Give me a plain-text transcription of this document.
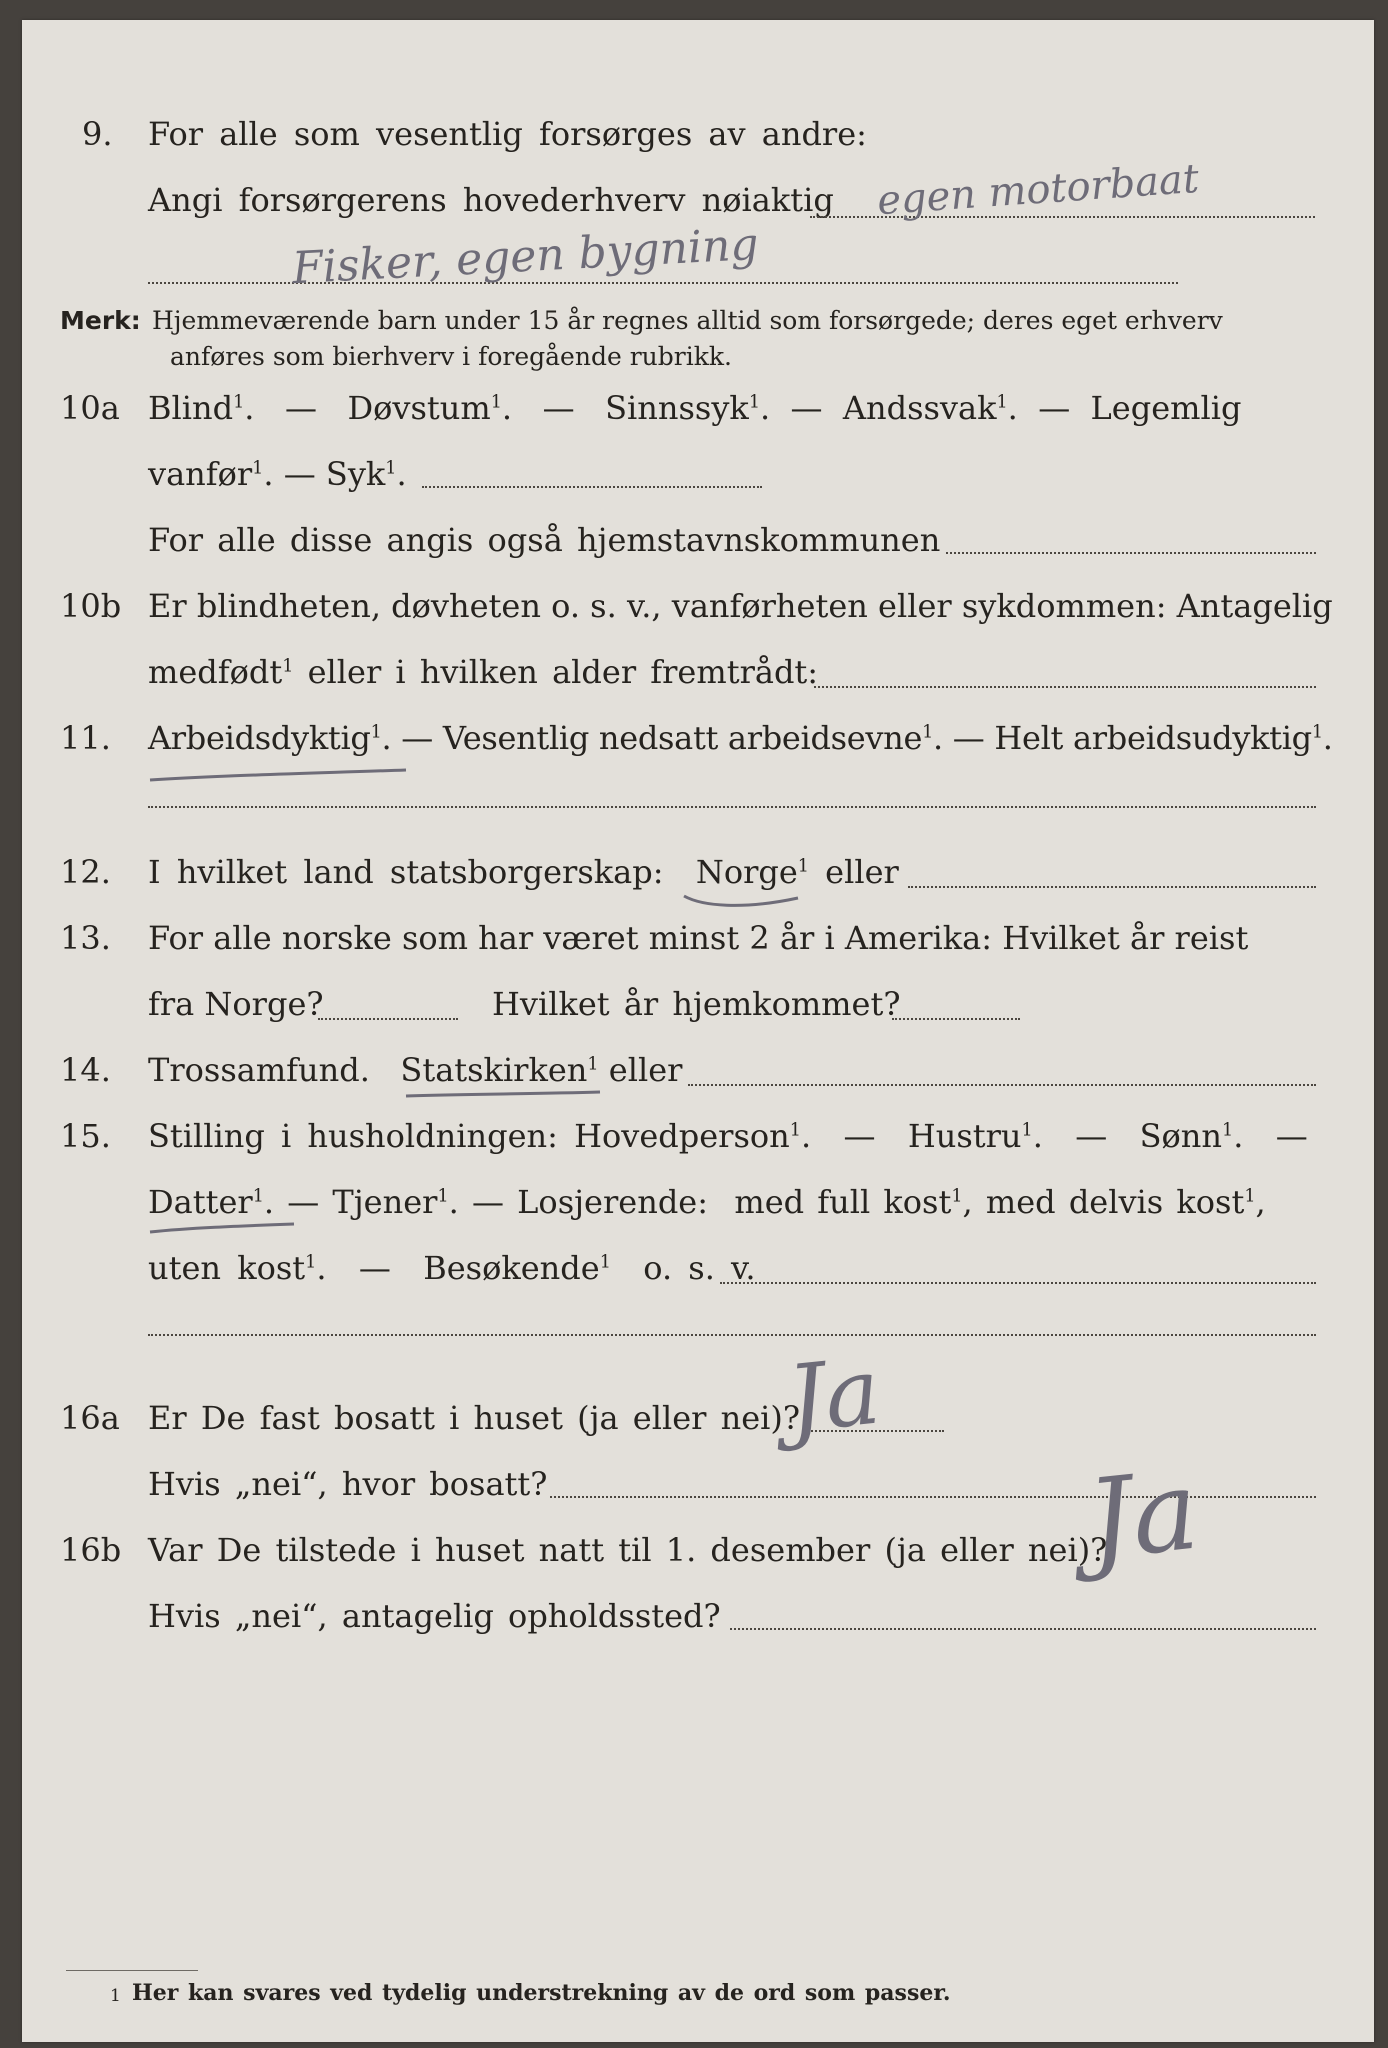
9. For alle som vesentlig forsørges av andre:
Angi forsørgerens hovederhverv nøiaktig egen motorbaat
Fisker, egen bygning
Merk: Hjemmeværende barn under 15 år regnes alltid som forsørgede; deres eget erhverv
anføres som bierhverv i foregående rubrikk.
10a Blind$^1$.   — Døvstum$^1$.   — Sinnssyk$^1$.  — Andssvak$^1$.  — Legemlig
vanfør$^1$. — Syk$^1$.
For alle disse angis også hjemstavnskommunen
10b Er blindheten, døvheten o. s. v., vanførheten eller sykdommen: Antagelig
medfødt$^1$ eller i hvilken alder fremtrådt:
11. Arbeidsdyktig$^1$. — Vesentlig nedsatt arbeidsevne$^1$. — Helt arbeidsudyktig$^1$.
12. I hvilket land statsborgerskap: Norge$^1$ eller
13. For alle norske som har været minst 2 år i Amerika: Hvilket år reist
fra Norge?	Hvilket år hjemkommet?
14. Trossamfund. Statskirken$^1$ eller
15. Stilling i husholdningen: Hovedperson$^1$.  — Hustru$^1$.  — Sønn$^1$.  —
Datter$^1$. — Tjener$^1$. — Losjerende: med full kost$^1$, med delvis kost$^1$,
uten kost$^1$.  — Besøkende$^1$ o. s. v.
16a Er De fast bosatt i huset (ja eller nei)?
Ja
Hvis „nei“, hvor bosatt?
16b Var De tilstede i huset natt til 1. desember (ja eller nei)?
Ja
Hvis „nei“, antagelig opholdssted?
1 Her kan svares ved tydelig understrekning av de ord som passer.
